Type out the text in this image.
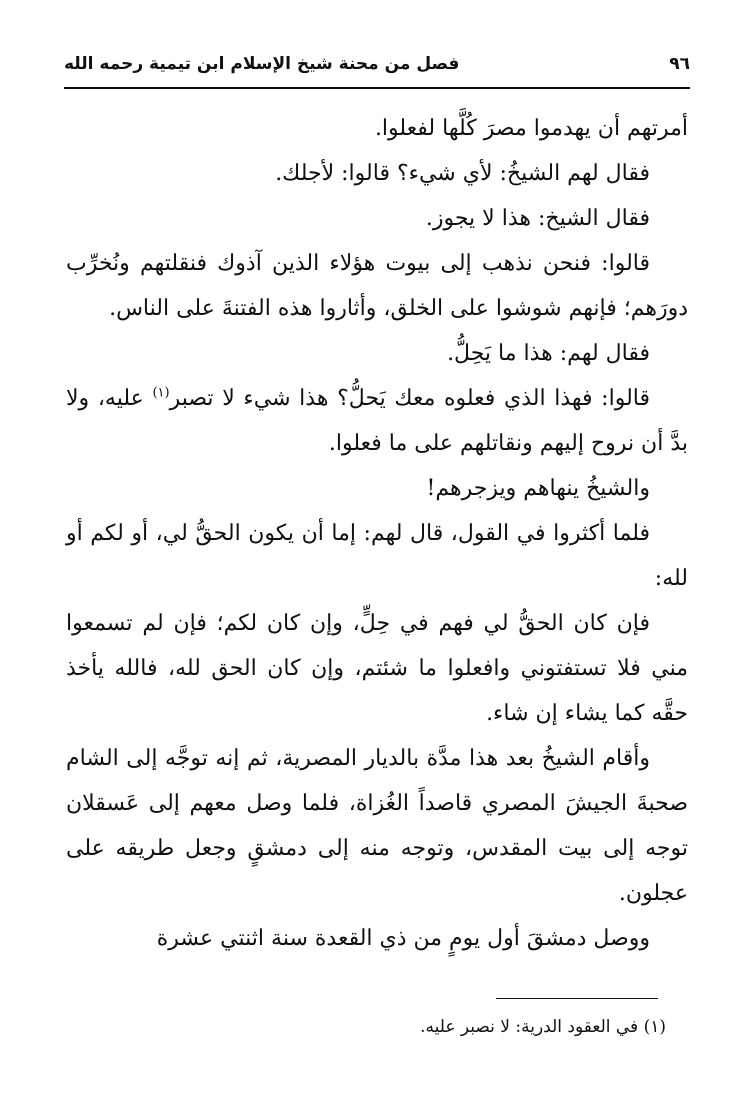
٩٦
فصل من محنة شيخ الإسلام ابن تيمية رحمه الله

أمرتهم أن يهدموا مصرَ كُلَّها لفعلوا.

فقال لهم الشيخُ: لأي شيء؟ قالوا: لأجلك.

فقال الشيخ: هذا لا يجوز.

قالوا: فنحن نذهب إلى بيوت هؤلاء الذين آذوك فنقلتهم ونُخرِّب دورَهم؛ فإنهم شوشوا على الخلق، وأثاروا هذه الفتنةَ على الناس.

فقال لهم: هذا ما يَحِلُّ.

قالوا: فهذا الذي فعلوه معك يَحلُّ؟ هذا شيء لا تصبر$^{(١)}$ عليه، ولا بدَّ أن نروح إليهم ونقاتلهم على ما فعلوا.

والشيخُ ينهاهم ويزجرهم!

فلما أكثروا في القول، قال لهم: إما أن يكون الحقُّ لي، أو لكم أو لله:

فإن كان الحقُّ لي فهم في حِلٍّ، وإن كان لكم؛ فإن لم تسمعوا مني فلا تستفتوني وافعلوا ما شئتم، وإن كان الحق لله، فالله يأخذ حقَّه كما يشاء إن شاء.

وأقام الشيخُ بعد هذا مدَّة بالديار المصرية، ثم إنه توجَّه إلى الشام صحبةَ الجيشَ المصري قاصداً الغُزاة، فلما وصل معهم إلى عَسقلان توجه إلى بيت المقدس، وتوجه منه إلى دمشقٍ وجعل طريقه على عجلون.

ووصل دمشقَ أول يومٍ من ذي القعدة سنة اثنتي عشرة

(١) في العقود الدرية: لا نصبر عليه.
